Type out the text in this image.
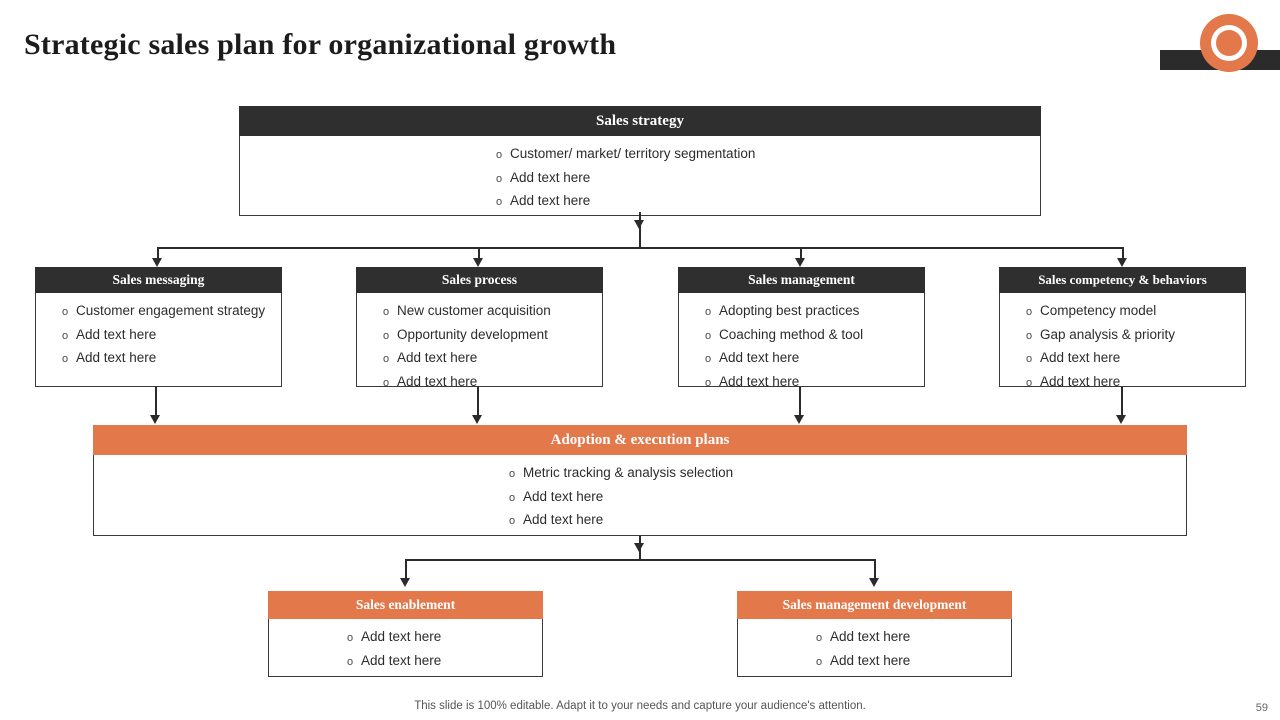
Strategic sales plan for organizational growth
Sales strategy
o Customer/ market/ territory segmentation
o Add text here
o Add text here
Sales messaging
o Customer engagement strategy
o Add text here
o Add text here
Sales process
o New customer acquisition
o Opportunity development
o Add text here
o Add text here
Sales management
o Adopting best practices
o Coaching method & tool
o Add text here
o Add text here
Sales competency & behaviors
o Competency model
o Gap analysis & priority
o Add text here
o Add text here
Adoption & execution plans
o Metric tracking & analysis selection
o Add text here
o Add text here
Sales enablement
o Add text here
o Add text here
Sales management development
o Add text here
o Add text here
This slide is 100% editable. Adapt it to your needs and capture your audience's attention.	59
